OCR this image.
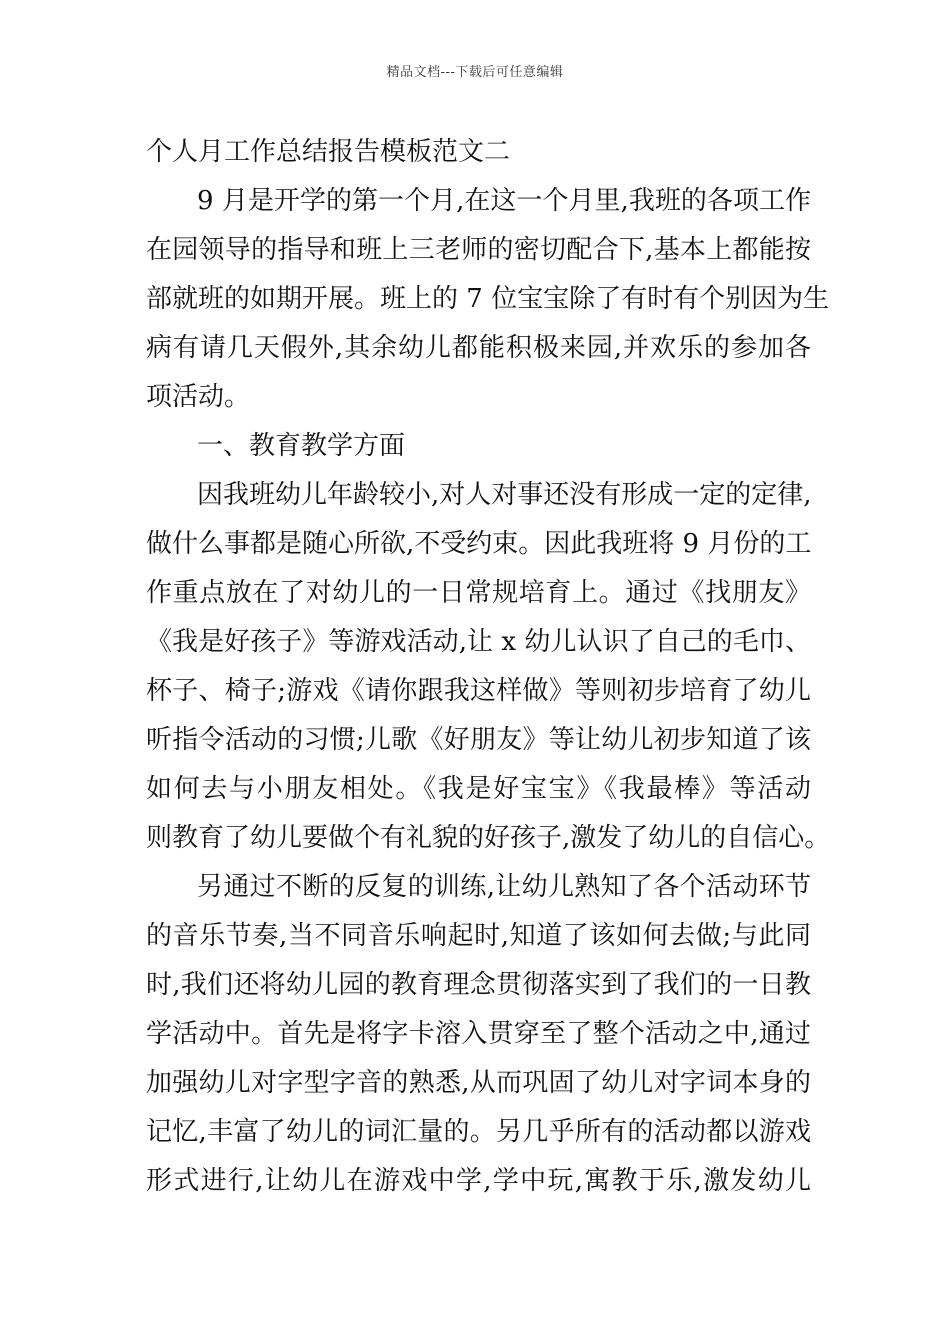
精品文档---下载后可任意编辑
个人月工作总结报告模板范文二
9 月是开学的第一个月,在这一个月里,我班的各项工作
在园领导的指导和班上三老师的密切配合下,基本上都能按
部就班的如期开展。班上的 7 位宝宝除了有时有个别因为生
病有请几天假外,其余幼儿都能积极来园,并欢乐的参加各
项活动。
一、教育教学方面
因我班幼儿年龄较小,对人对事还没有形成一定的定律,
做什么事都是随心所欲,不受约束。因此我班将 9 月份的工
作重点放在了对幼儿的一日常规培育上。通过《找朋友》
《我是好孩子》等游戏活动,让 x 幼儿认识了自己的毛巾、
杯子、椅子;游戏《请你跟我这样做》等则初步培育了幼儿
听指令活动的习惯;儿歌《好朋友》等让幼儿初步知道了该
如何去与小朋友相处。《我是好宝宝》《我最棒》等活动
则教育了幼儿要做个有礼貌的好孩子,激发了幼儿的自信心。
另通过不断的反复的训练,让幼儿熟知了各个活动环节
的音乐节奏,当不同音乐响起时,知道了该如何去做;与此同
时,我们还将幼儿园的教育理念贯彻落实到了我们的一日教
学活动中。首先是将字卡溶入贯穿至了整个活动之中,通过
加强幼儿对字型字音的熟悉,从而巩固了幼儿对字词本身的
记忆,丰富了幼儿的词汇量的。另几乎所有的活动都以游戏
形式进行,让幼儿在游戏中学,学中玩,寓教于乐,激发幼儿
